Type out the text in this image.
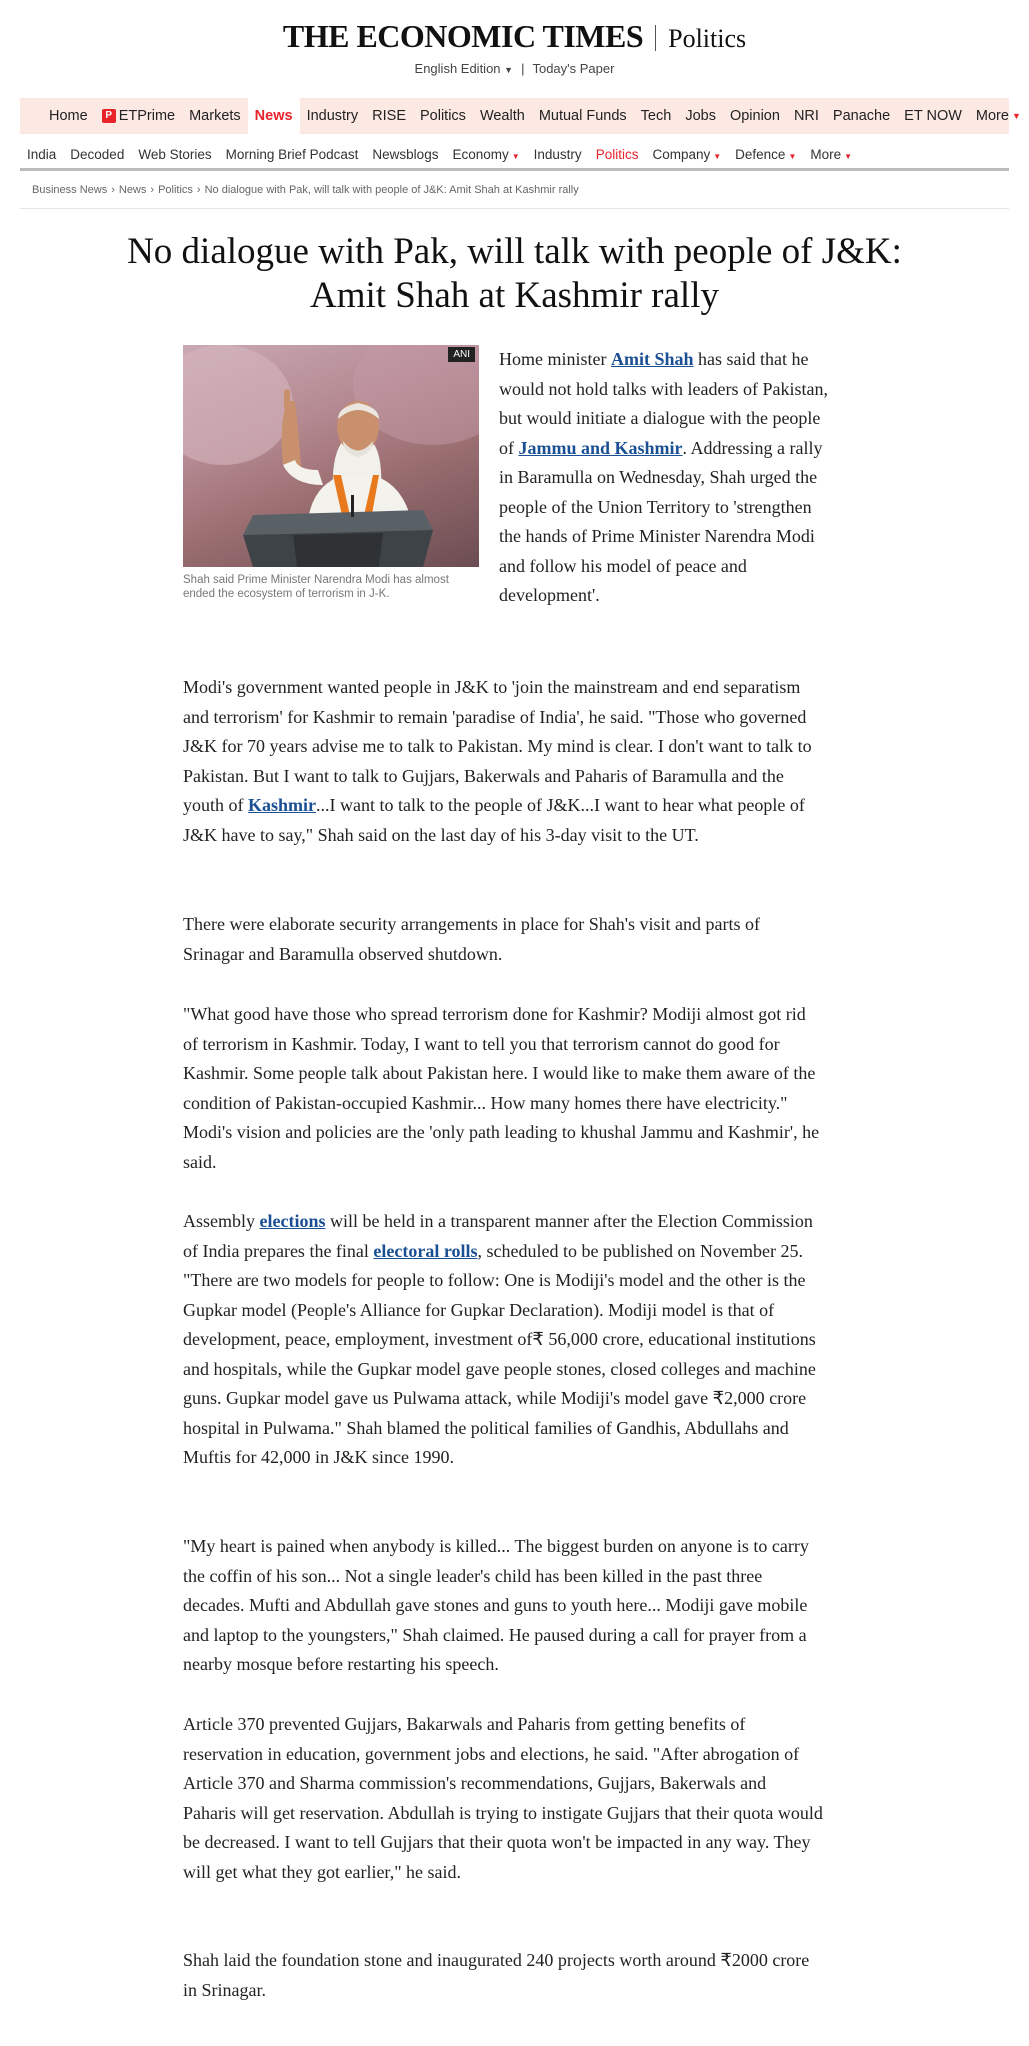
THE ECONOMIC TIMES Politics
English Edition ▼ | Today's Paper
Home	P ETPrime Markets News Industry RISE Politics Wealth Mutual Funds Tech Jobs Opinion NRI Panache ET NOW More ▼
India	Decoded	Web Stories	Morning Brief Podcast	Newsblogs	Economy ▼	Industry	Politics	Company ▼	Defence ▼	More ▼
Business News › News › Politics › No dialogue with Pak, will talk with people of J&K: Amit Shah at Kashmir rally
No dialogue with Pak, will talk with people of J&K:
Amit Shah at Kashmir rally
ANI
Shah said Prime Minister Narendra Modi has almost ended the ecosystem of terrorism in J-K.

Home minister Amit Shah has said that he would not hold talks with leaders of Pakistan, but would initiate a dialogue with the people of Jammu and Kashmir. Addressing a rally in Baramulla on Wednesday, Shah urged the people of the Union Territory to 'strengthen the hands of Prime Minister Narendra Modi and follow his model of peace and development'.

Modi's government wanted people in J&K to 'join the mainstream and end separatism and terrorism' for Kashmir to remain 'paradise of India', he said. "Those who governed J&K for 70 years advise me to talk to Pakistan. My mind is clear. I don't want to talk to Pakistan. But I want to talk to Gujjars, Bakerwals and Paharis of Baramulla and the youth of Kashmir...I want to talk to the people of J&K...I want to hear what people of J&K have to say," Shah said on the last day of his 3-day visit to the UT.

There were elaborate security arrangements in place for Shah's visit and parts of Srinagar and Baramulla observed shutdown.

"What good have those who spread terrorism done for Kashmir? Modiji almost got rid of terrorism in Kashmir. Today, I want to tell you that terrorism cannot do good for Kashmir. Some people talk about Pakistan here. I would like to make them aware of the condition of Pakistan-occupied Kashmir... How many homes there have electricity." Modi's vision and policies are the 'only path leading to khushal Jammu and Kashmir', he said.

Assembly elections will be held in a transparent manner after the Election Commission of India prepares the final electoral rolls, scheduled to be published on November 25. "There are two models for people to follow: One is Modiji's model and the other is the Gupkar model (People's Alliance for Gupkar Declaration). Modiji model is that of development, peace, employment, investment of₹ 56,000 crore, educational institutions and hospitals, while the Gupkar model gave people stones, closed colleges and machine guns. Gupkar model gave us Pulwama attack, while Modiji's model gave ₹2,000 crore hospital in Pulwama." Shah blamed the political families of Gandhis, Abdullahs and Muftis for 42,000 in J&K since 1990.

"My heart is pained when anybody is killed... The biggest burden on anyone is to carry the coffin of his son... Not a single leader's child has been killed in the past three decades. Mufti and Abdullah gave stones and guns to youth here... Modiji gave mobile and laptop to the youngsters," Shah claimed. He paused during a call for prayer from a nearby mosque before restarting his speech.

Article 370 prevented Gujjars, Bakarwals and Paharis from getting benefits of reservation in education, government jobs and elections, he said. "After abrogation of Article 370 and Sharma commission's recommendations, Gujjars, Bakerwals and Paharis will get reservation. Abdullah is trying to instigate Gujjars that their quota would be decreased. I want to tell Gujjars that their quota won't be impacted in any way. They will get what they got earlier," he said.

Shah laid the foundation stone and inaugurated 240 projects worth around ₹2000 crore in Srinagar.
